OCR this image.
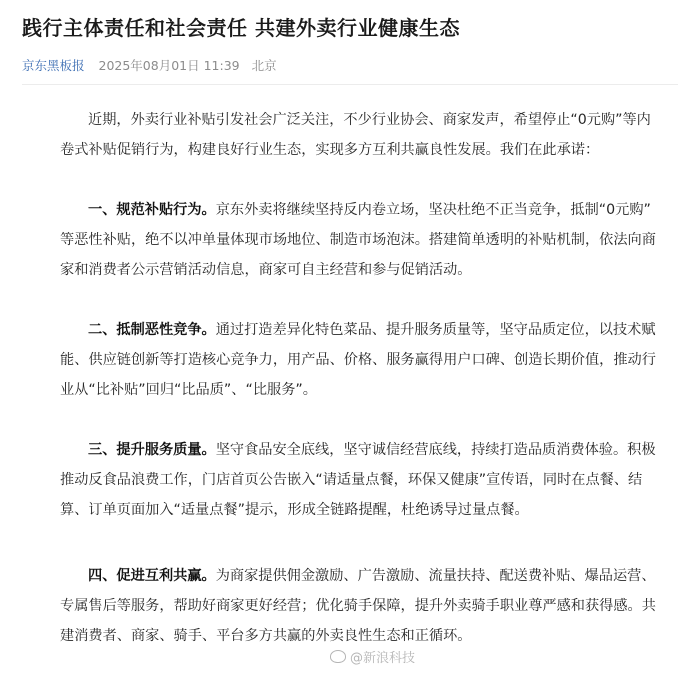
践行主体责任和社会责任 共建外卖行业健康生态
京东黑板报 2025年08月01日 11:39 北京
近期，外卖行业补贴引发社会广泛关注，不少行业协会、商家发声，希望停止“0元购”等内
卷式补贴促销行为，构建良好行业生态，实现多方互利共赢良性发展。我们在此承诺：
一、规范补贴行为。京东外卖将继续坚持反内卷立场，坚决杜绝不正当竞争，抵制“0元购”
等恶性补贴，绝不以冲单量体现市场地位、制造市场泡沫。搭建简单透明的补贴机制，依法向商
家和消费者公示营销活动信息，商家可自主经营和参与促销活动。
二、抵制恶性竞争。通过打造差异化特色菜品、提升服务质量等，坚守品质定位，以技术赋
能、供应链创新等打造核心竞争力，用产品、价格、服务赢得用户口碑、创造长期价值，推动行
业从“比补贴”回归“比品质”、“比服务”。
三、提升服务质量。坚守食品安全底线，坚守诚信经营底线，持续打造品质消费体验。积极
推动反食品浪费工作，门店首页公告嵌入“请适量点餐，环保又健康”宣传语，同时在点餐、结
算、订单页面加入“适量点餐”提示，形成全链路提醒，杜绝诱导过量点餐。
四、促进互利共赢。为商家提供佣金激励、广告激励、流量扶持、配送费补贴、爆品运营、
专属售后等服务，帮助好商家更好经营；优化骑手保障，提升外卖骑手职业尊严感和获得感。共
建消费者、商家、骑手、平台多方共赢的外卖良性生态和正循环。
@新浪科技
